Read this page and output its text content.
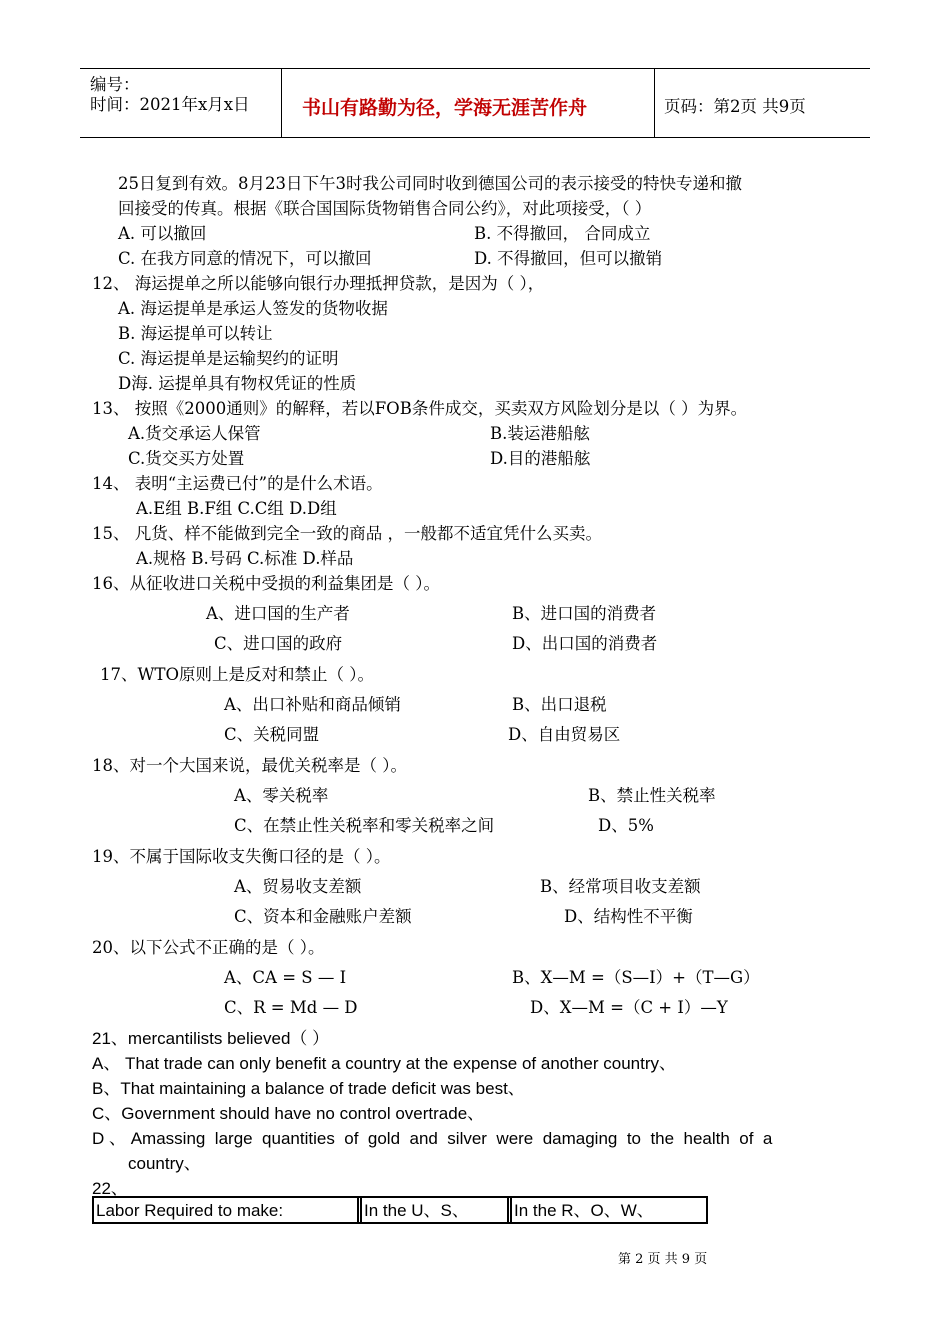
编号：
时间：2021年x月x日	书山有路勤为径，学海无涯苦作舟	页码：第2页 共9页
25日复到有效。8月23日下午3时我公司同时收到德国公司的表示接受的特快专递和撤
回接受的传真。根据《联合国国际货物销售合同公约》，对此项接受，（ ）
A. 可以撤回	B. 不得撤回， 合同成立
C. 在我方同意的情况下，可以撤回	D. 不得撤回，但可以撤销
12、 海运提单之所以能够向银行办理抵押贷款，是因为（ ），
A. 海运提单是承运人签发的货物收据
B. 海运提单可以转让
C. 海运提单是运输契约的证明
D海. 运提单具有物权凭证的性质
13、 按照《2000通则》的解释，若以FOB条件成交，买卖双方风险划分是以（ ）为界。
A.货交承运人保管	B.装运港船舷
C.货交买方处置	D.目的港船舷
14、 表明“主运费已付”的是什么术语。
A.E组 B.F组 C.C组 D.D组
15、 凡货、样不能做到完全一致的商品 ，一般都不适宜凭什么买卖。
A.规格 B.号码 C.标准 D.样品
16、从征收进口关税中受损的利益集团是（ ）。
A、进口国的生产者	B、进口国的消费者
C、进口国的政府	D、出口国的消费者
17、WTO原则上是反对和禁止（ ）。
A、出口补贴和商品倾销	B、出口退税
C、关税同盟	D、自由贸易区
18、对一个大国来说，最优关税率是（ ）。
A、零关税率	B、禁止性关税率
C、在禁止性关税率和零关税率之间	D、5%
19、不属于国际收支失衡口径的是（ ）。
A、贸易收支差额	B、经常项目收支差额
C、资本和金融账户差额	D、结构性不平衡
20、以下公式不正确的是（ ）。
A、CA = S — I	B、X—M =（S—I）+（T—G）
C、R = Md — D	D、X—M =（C + I）—Y
21、mercantilists believed（ ）
A、 That trade can only benefit a country at the expense of another country、
B、That maintaining a balance of trade deficit was best、
C、Government should have no control overtrade、
D 、 Amassing  large  quantities  of  gold  and  silver  were  damaging  to  the  health  of  a
country、
22、
Labor Required to make:	In the U、S、	In the R、O、W、
第 2 页 共 9 页
